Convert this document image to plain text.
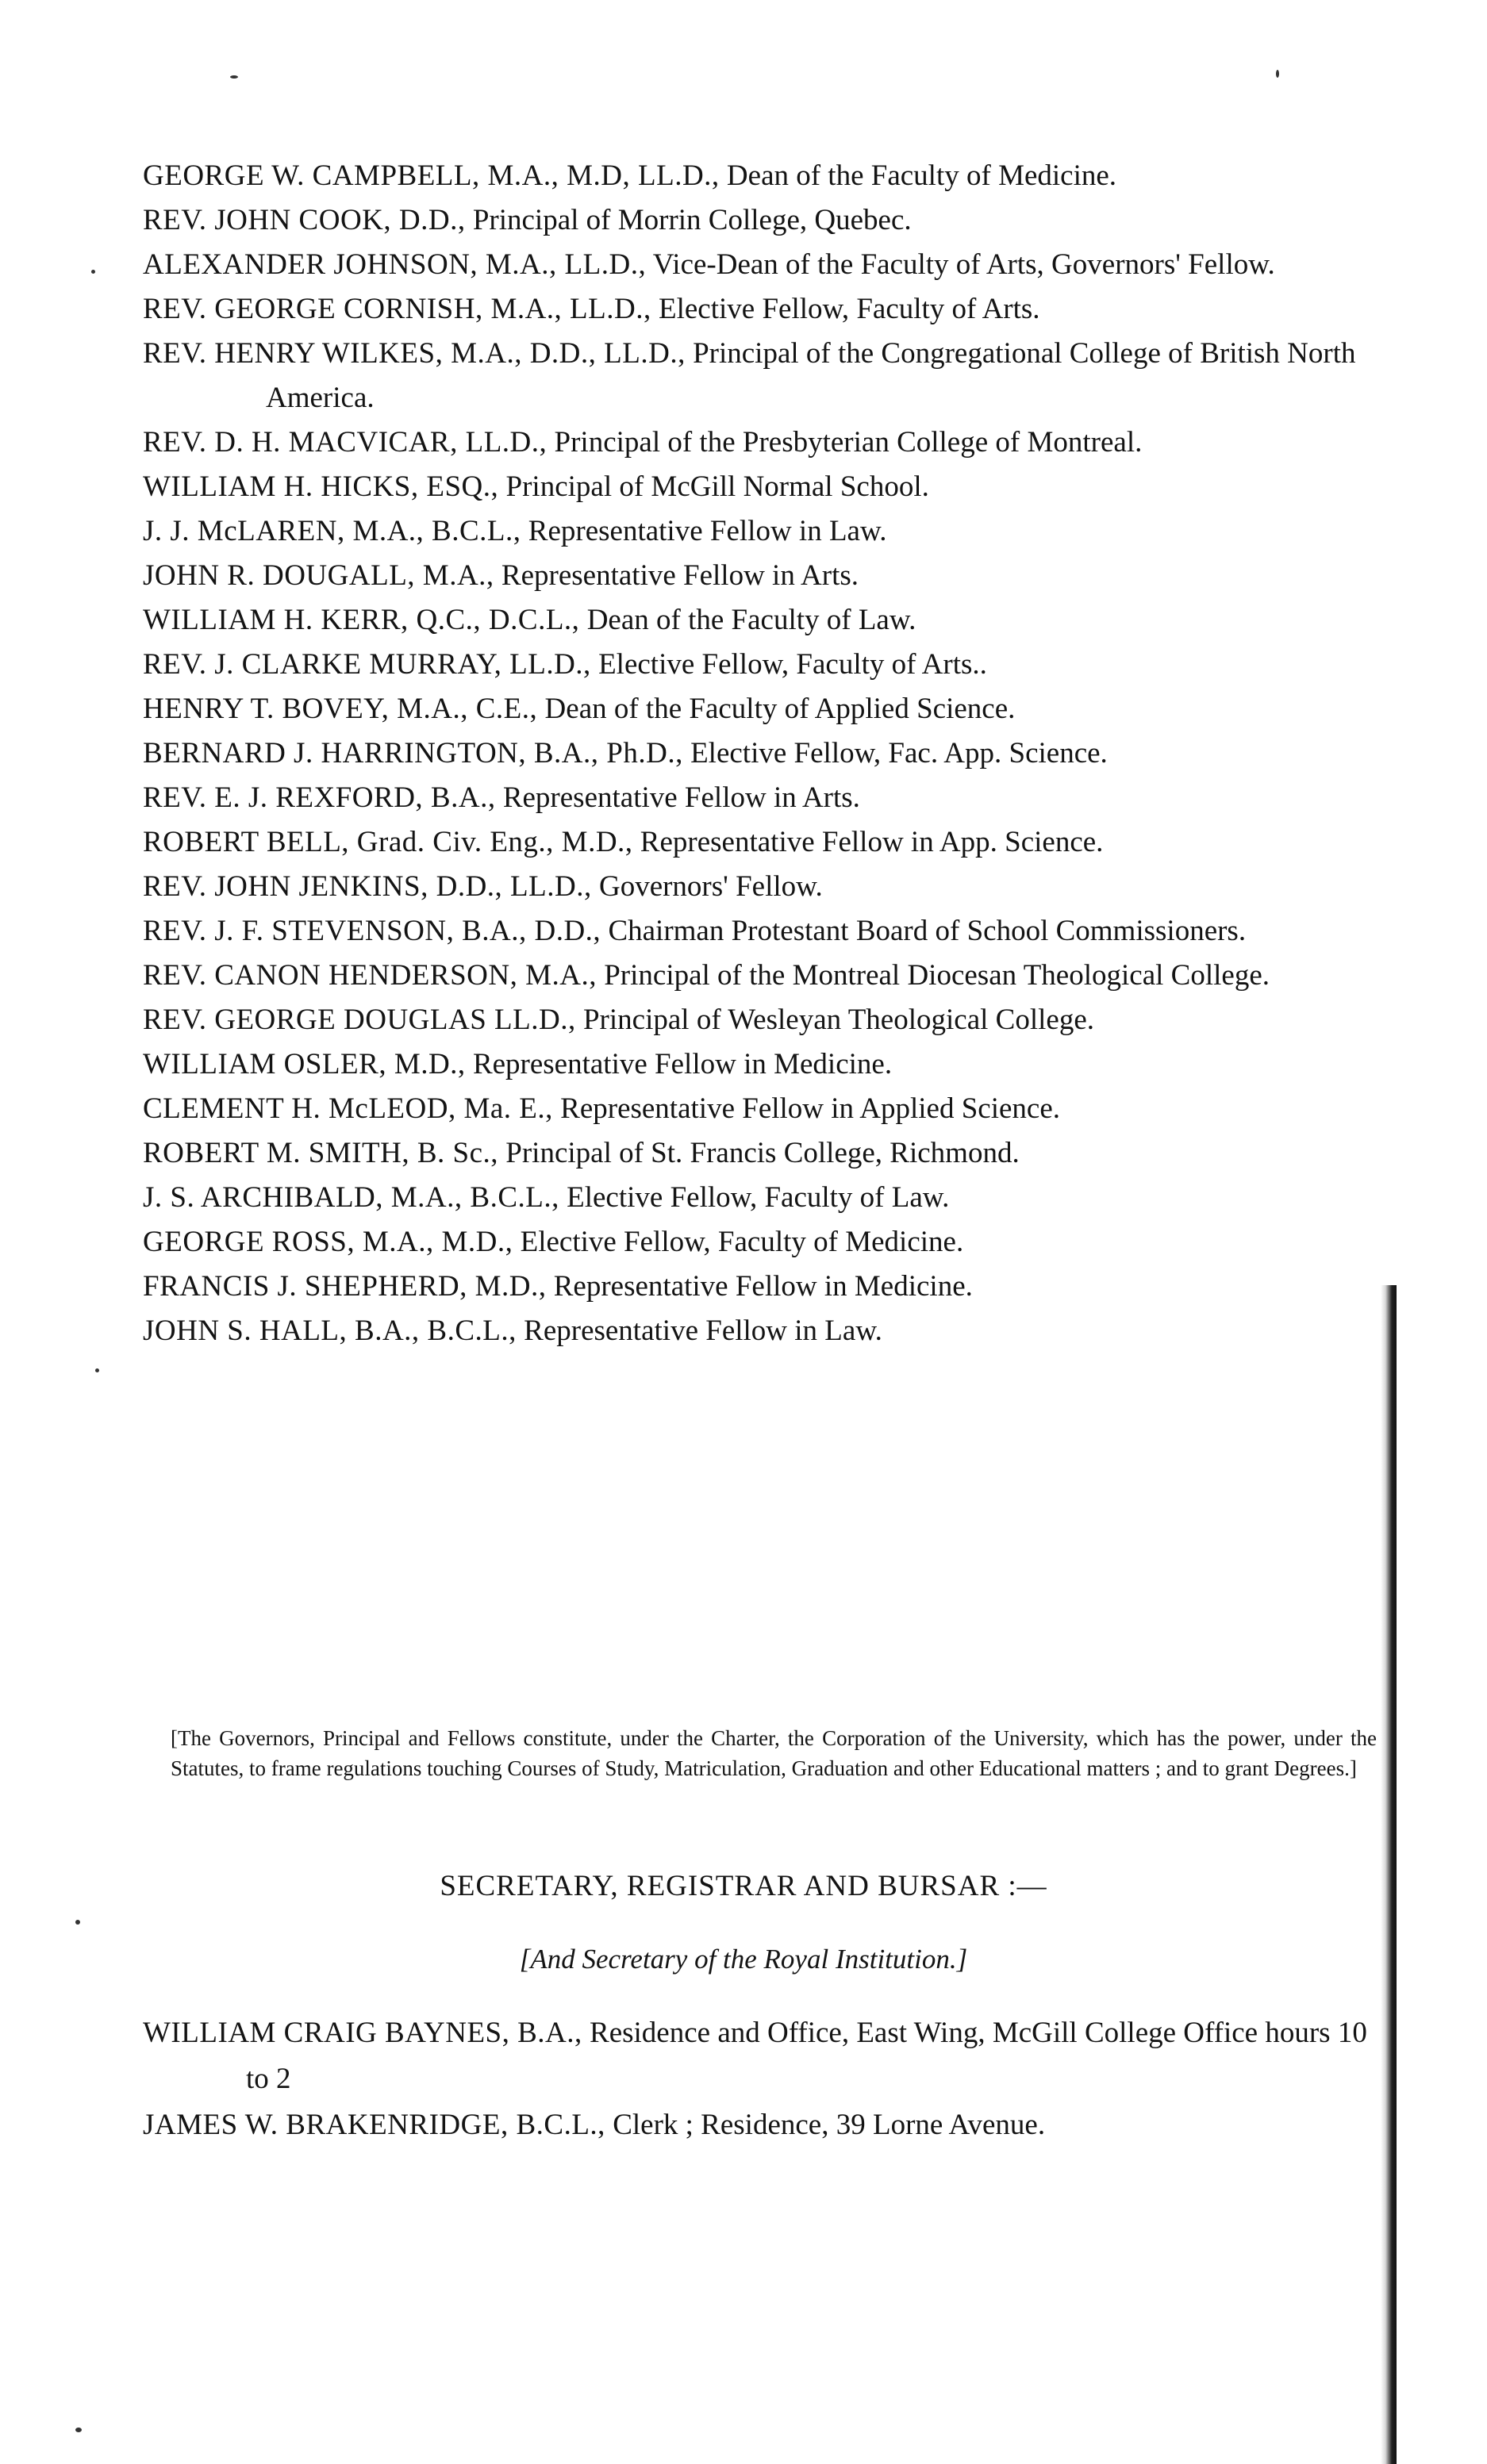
GEORGE W. CAMPBELL, M.A., M.D, LL.D., Dean of the Faculty of Medicine.

REV. JOHN COOK, D.D., Principal of Morrin College, Quebec.

ALEXANDER JOHNSON, M.A., LL.D., Vice-Dean of the Faculty of Arts, Governors' Fellow.

REV. GEORGE CORNISH, M.A., LL.D., Elective Fellow, Faculty of Arts.

REV. HENRY WILKES, M.A., D.D., LL.D., Principal of the Congregational College of British North America.

REV. D. H. MACVICAR, LL.D., Principal of the Presbyterian College of Montreal.

WILLIAM H. HICKS, ESQ., Principal of McGill Normal School.

J. J. McLAREN, M.A., B.C.L., Representative Fellow in Law.

JOHN R. DOUGALL, M.A., Representative Fellow in Arts.

WILLIAM H. KERR, Q.C., D.C.L., Dean of the Faculty of Law.

REV. J. CLARKE MURRAY, LL.D., Elective Fellow, Faculty of Arts..

HENRY T. BOVEY, M.A., C.E., Dean of the Faculty of Applied Science.

BERNARD J. HARRINGTON, B.A., Ph.D., Elective Fellow, Fac. App. Science.

REV. E. J. REXFORD, B.A., Representative Fellow in Arts.

ROBERT BELL, Grad. Civ. Eng., M.D., Representative Fellow in App. Science.

REV. JOHN JENKINS, D.D., LL.D., Governors' Fellow.

REV. J. F. STEVENSON, B.A., D.D., Chairman Protestant Board of School Commissioners.

REV. CANON HENDERSON, M.A., Principal of the Montreal Diocesan Theological College.

REV. GEORGE DOUGLAS LL.D., Principal of Wesleyan Theological College.

WILLIAM OSLER, M.D., Representative Fellow in Medicine.

CLEMENT H. McLEOD, Ma. E., Representative Fellow in Applied Science.

ROBERT M. SMITH, B. Sc., Principal of St. Francis College, Richmond.

J. S. ARCHIBALD, M.A., B.C.L., Elective Fellow, Faculty of Law.

GEORGE ROSS, M.A., M.D., Elective Fellow, Faculty of Medicine.

FRANCIS J. SHEPHERD, M.D., Representative Fellow in Medicine.

JOHN S. HALL, B.A., B.C.L., Representative Fellow in Law.

[The Governors, Principal and Fellows constitute, under the Charter, the Corporation of the University, which has the power, under the Statutes, to frame regulations touching Courses of Study, Matriculation, Graduation and other Educational matters ; and to grant Degrees.]

SECRETARY, REGISTRAR AND BURSAR :—
[And Secretary of the Royal Institution.]

WILLIAM CRAIG BAYNES, B.A., Residence and Office, East Wing, McGill College Office hours 10 to 2

JAMES W. BRAKENRIDGE, B.C.L., Clerk ; Residence, 39 Lorne Avenue.
